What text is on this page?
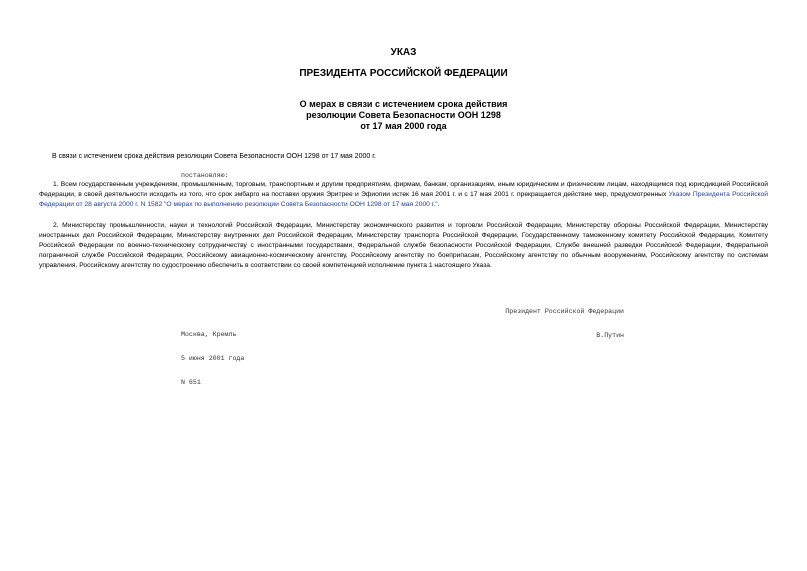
УКАЗ
ПРЕЗИДЕНТА РОССИЙСКОЙ ФЕДЕРАЦИИ
О мерах в связи с истечением срока действия
резолюции Совета Безопасности ООН 1298
от 17 мая 2000 года
В связи с истечением срока действия резолюции Совета Безопасности ООН 1298 от 17 мая 2000 г.
постановляю:
1. Всем государственным учреждениям, промышленным, торговым, транспортным и другим предприятиям, фирмам, банкам, организациям, иным юридическим и физическим лицам, находящимся под юрисдикцией Российской Федерации, в своей деятельности исходить из того, что срок эмбарго на поставки оружия Эритрее и Эфиопии истек 16 мая 2001 г. и с 17 мая 2001 г. прекращается действие мер, предусмотренных Указом Президента Российской Федерации от 28 августа 2000 г. N 1582 "О мерах по выполнению резолюции Совета Безопасности ООН 1298 от 17 мая 2000 г.".
2. Министерству промышленности, науки и технологий Российской Федерации, Министерству экономического развития и торговли Российской Федерации, Министерству обороны Российской Федерации, Министерству иностранных дел Российской Федерации, Министерству внутренних дел Российской Федерации, Министерству транспорта Российской Федерации, Государственному таможенному комитету Российской Федерации, Комитету Российской Федерации по военно-техническому сотрудничеству с иностранными государствами, Федеральной службе безопасности Российской Федерации, Службе внешней разведки Российской Федерации, Федеральной пограничной службе Российской Федерации, Российскому авиационно-космическому агентству, Российскому агентству по боеприпасам, Российскому агентству по обычным вооружениям, Российскому агентству по системам управления, Российскому агентству по судостроению обеспечить в соответствии со своей компетенцией исполнение пункта 1 настоящего Указа.

Президент Российской Федерации

В.Путин

Москва, Кремль

5 июня 2001 года

N 651
